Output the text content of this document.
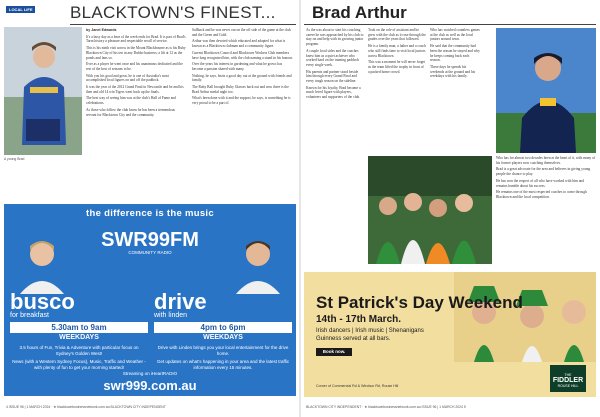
LOCAL LIFE BLACKTOWN'S FINEST...
A young Brad
by Janet Edwards

It's a busy day as a bear of the week ends for Brad. It is part of Brad's Tarra history a pleasure and respectable recall of service.

This is his ninth visit across in the Mount Blackbourne as is his Ruby Blacktown City of his ten in any Dubbo business; a lift at 12 as the ponds and fans so.

Ever as a player he went once and his unanimous dedicated and the rest of the best of seasons to be.

With you his good and great, he is one of Australia's most accomplished local figures on and off the paddock.

It was the year of the 2012 Grand Final in Newcastle and he and his then and old 14 win Tigers went back up the finals.

The best way of seeing him was at the club's Hall of Fame and celebrations.

As those who follow the club know he has been a tremendous servant for Blacktown City and the community.

Sallback and he was never out on the off side of the game at the club and the Green and Gold.

Arthur was then devoted which educated and adapted for what is known as a Blacktown clubman and a community figure.

Current Blacktown Council and Blacktown Workers Club members have long recognised him, with the club naming a stand in his honour.

Over the years his interest in gardening and what he grows has become a passion shared with many.

Nothing, he says, beats a good day out at the ground with friends and family.

The Ruby Ball brought Ruby Glasses back out and now there is the Brad Arthur medal night too.

What's been done with it and the support, he says, is something he is very proud to be a part of.

the difference is the music
SWR99FM
COMMUNITY RADIO
busco
for breakfast
5.30am to 9am
WEEKDAYS
3.5 hours of Fun, Trivia & Adventure with particular focus on Sydney's Golden West!
News (with a Western Sydney Focus), Music, Traffic and Weather - with plenty of fun to get your morning started!
drive
with linden
4pm to 6pm
WEEKDAYS
Drive with Linden brings you your local entertainment for the drive home.
Get updates on what's happening in your area and the latest traffic information every 15 minutes.
Streaming on iHeartRADIO
swr999.com.au
4 ISSUE 96 | 1 MARCH 2024 · ★ blacktownbusinessnetwork.com.au BLACKTOWN CITY INDEPENDENT
Brad Arthur

As the was about to start his coaching career he was approached by his club to stay on and help with its growing junior program.

A couple local sides and the coaches knew him as a quiet achiever who worked hard on the training paddock every single week.

His parents and partner stood beside him through every Grand Final and every tough season on the sideline.

Known for his loyalty, Brad became a much loved figure with players, volunteers and supporters of the club.

Took on the role of assistant and he grew with the club as it rose through the grades over the years that followed.

He is a family man, a father and a coach who still finds time to visit local juniors across Blacktown.

This was a moment he will never forget as the team lifted the trophy in front of a packed home crowd.

Who has watched countless games at the club as well as the local juniors around town.

He said that the community had been the reason he stayed and why he keeps coming back each season.

These days he spends his weekends at the ground and his weekdays with his family.

Who has for almost two decades been at the heart of it, with many of his former players now coaching themselves.

Brad is a great advocate for the area and believes in giving young people the chance to play.

He has won the respect of all who have worked with him and remains humble about his success.

He remains one of the most respected coaches to come through Blacktown and the local competition.

St Patrick's Day Weekend
14th - 17th March.
Irish dancers | Irish music | Shenanigans
Guinness served at all bars.
Book now.
Corner of Commercial Rd & Windsor Rd, Rouse Hill
THE
FIDDLER
ROUSE HILL
BLACKTOWN CITY INDEPENDENT · ★ blacktownbusinessnetwork.com.au ISSUE 96 | 1 MARCH 2024 5
